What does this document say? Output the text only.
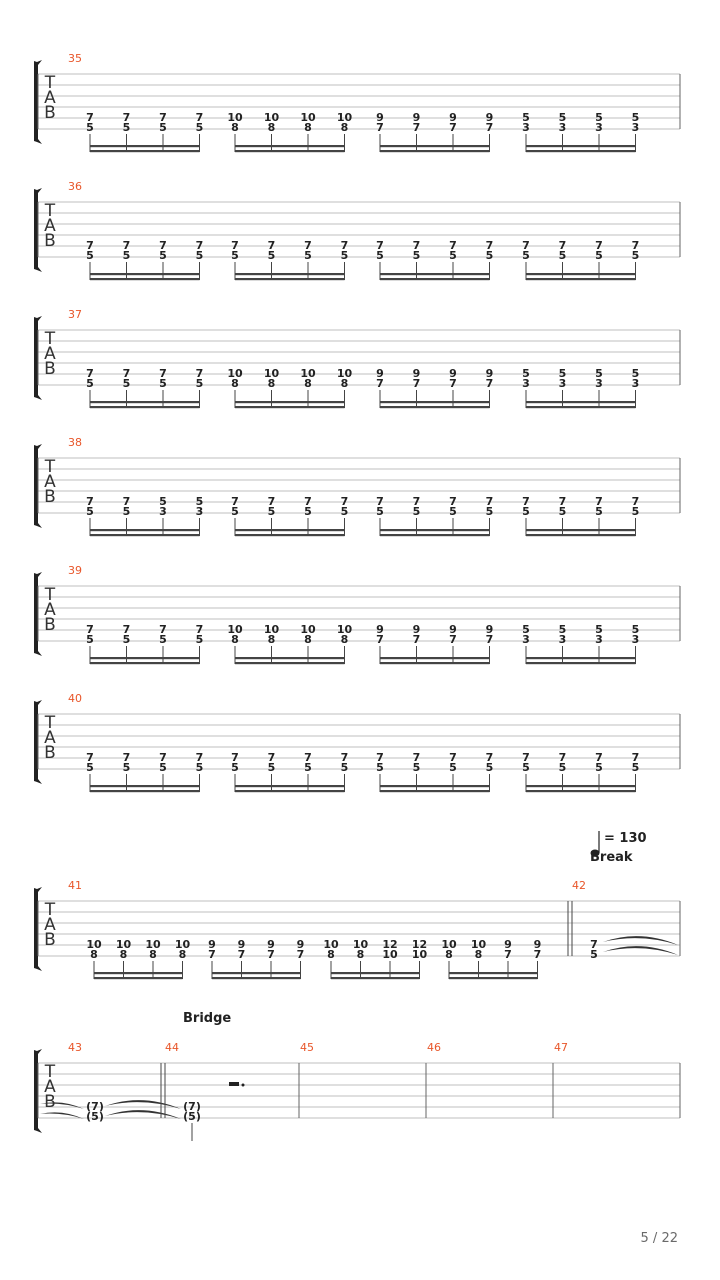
T
A
B
35
7
5
7
5
7
5
7
5
10
8
10
8
10
8
10
8
9
7
9
7
9
7
9
7
5
3
5
3
5
3
5
3
T
A
B
36
7
5
7
5
7
5
7
5
7
5
7
5
7
5
7
5
7
5
7
5
7
5
7
5
7
5
7
5
7
5
7
5
T
A
B
37
7
5
7
5
7
5
7
5
10
8
10
8
10
8
10
8
9
7
9
7
9
7
9
7
5
3
5
3
5
3
5
3
T
A
B
38
7
5
7
5
5
3
5
3
7
5
7
5
7
5
7
5
7
5
7
5
7
5
7
5
7
5
7
5
7
5
7
5
T
A
B
39
7
5
7
5
7
5
7
5
10
8
10
8
10
8
10
8
9
7
9
7
9
7
9
7
5
3
5
3
5
3
5
3
T
A
B
40
7
5
7
5
7
5
7
5
7
5
7
5
7
5
7
5
7
5
7
5
7
5
7
5
7
5
7
5
7
5
7
5
T
A
B
41	42
10
8
10
8
10
8
10
8
9
7
9
7
9
7
9
7
10
8
10
8
12
10
12
10
10
8
10
8
9
7
9
7
7
5
= 130
Break
T
A
B
43	44	45	46	47
Bridge
(7)
(5)
(7)
(5)
5 / 22
